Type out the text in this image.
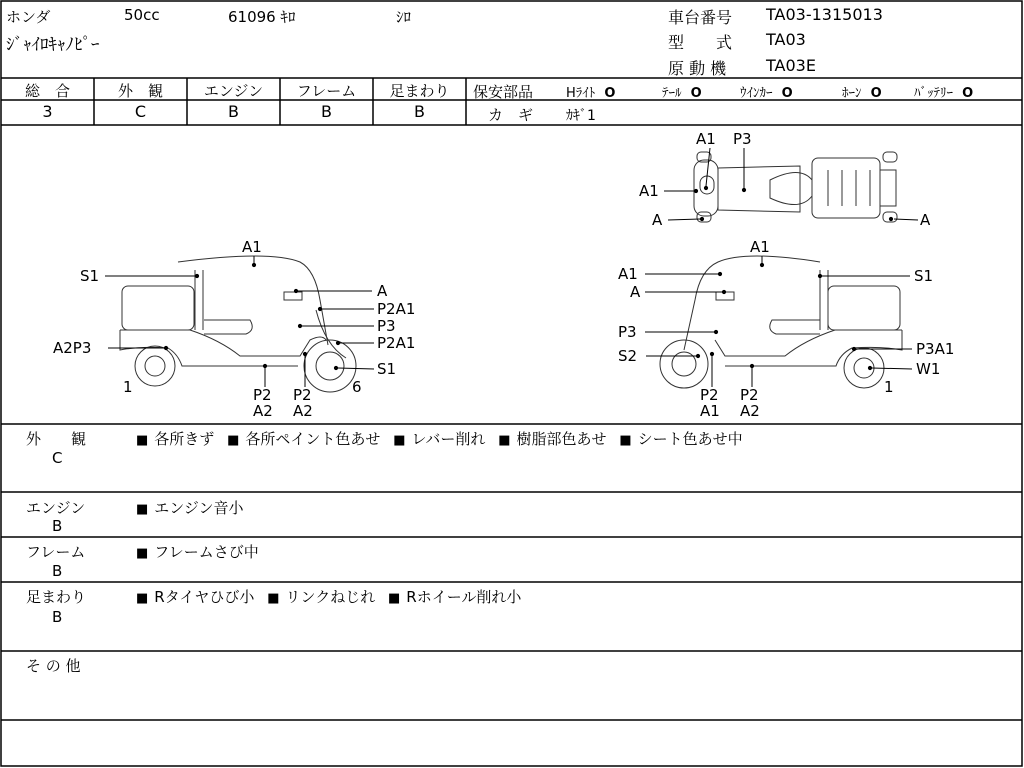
ホンダ	50cc	61096 ｷﾛ	ｼﾛ
ｼﾞｬｲﾛｷｬﾉﾋﾟｰ
車台番号 TA03-1315013
型　　式 TA03
原 動 機 TA03E
総　合	外　観	エンジン	フレーム	足まわり
3	C	B	B	B
保安部品	Hﾗｲﾄ O	ﾃｰﾙ O	ｳｲﾝｶｰ O	ﾎｰﾝ O ﾊﾞｯﾃﾘｰ O
カ　ギ ｶｷﾞ1
A1 P3
A1
A	A
A1
S1
A
P2A1
P3
A2P3	P2A1
S1
1	6
P2
A2
P2
A2
A1
A1	S1
A
P3
S2	P3A1
W1
1
P2
A1
P2
A2
外　　観
C
■ 各所きず ■ 各所ペイント色あせ ■ レバー削れ ■ 樹脂部色あせ ■ シート色あせ中
エンジン
B
■ エンジン音小
フレーム
B
■ フレームさび中
足まわり
B
■ Rタイヤひび小 ■ リンクねじれ ■ Rホイール削れ小
そ の 他
